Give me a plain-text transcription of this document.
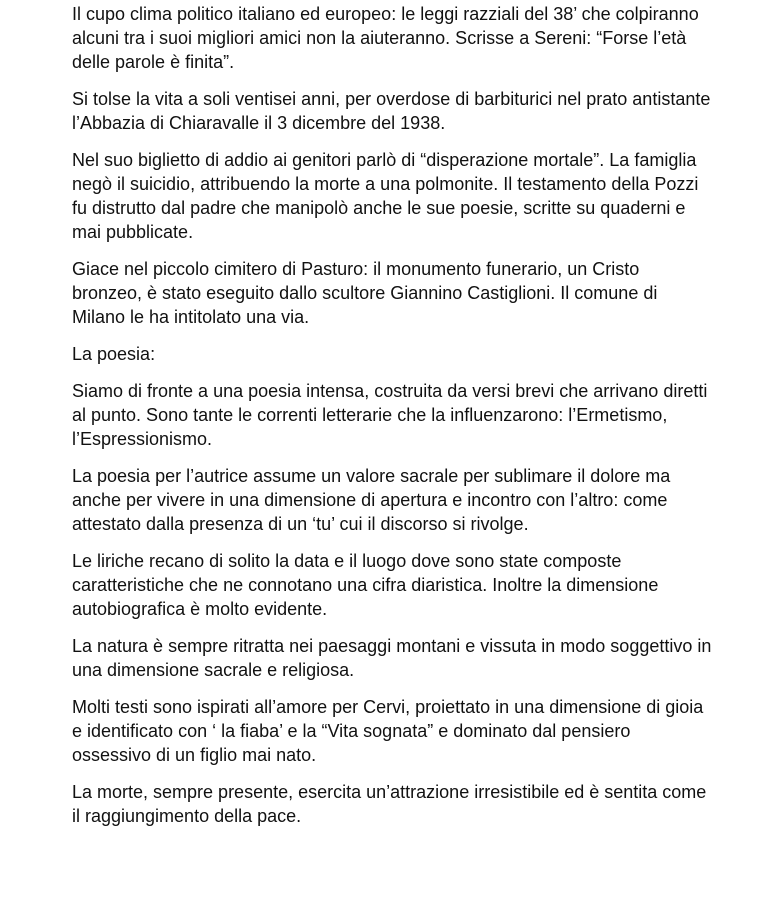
Il cupo clima politico italiano ed europeo: le leggi razziali del 38’ che colpiranno alcuni tra i suoi migliori amici non la aiuteranno. Scrisse a Sereni: “Forse l’età delle parole è finita”.

Si tolse la vita a soli ventisei anni, per overdose di barbiturici nel prato antistante l’Abbazia di Chiaravalle il 3 dicembre del 1938.

Nel suo biglietto di addio ai genitori parlò di “disperazione mortale”. La famiglia negò il suicidio, attribuendo la morte a una polmonite. Il testamento della Pozzi fu distrutto dal padre che manipolò anche le sue poesie, scritte su quaderni e mai pubblicate.

Giace nel piccolo cimitero di Pasturo: il monumento funerario, un Cristo bronzeo, è stato eseguito dallo scultore Giannino Castiglioni. Il comune di Milano le ha intitolato una via.

La poesia:

Siamo di fronte a una poesia intensa, costruita da versi brevi che arrivano diretti al punto. Sono tante le correnti letterarie che la influenzarono: l’Ermetismo, l’Espressionismo.

La poesia per l’autrice assume un valore sacrale per sublimare il dolore ma anche per vivere in una dimensione di apertura e incontro con l’altro: come attestato dalla presenza di un ‘tu’ cui il discorso si rivolge.

Le liriche recano di solito la data e il luogo dove sono state composte caratteristiche che ne connotano una cifra diaristica. Inoltre la dimensione autobiografica è molto evidente.

La natura è sempre ritratta nei paesaggi montani e vissuta in modo soggettivo in una dimensione sacrale e religiosa.

Molti testi sono ispirati all’amore per Cervi, proiettato in una dimensione di gioia e identificato con ‘ la fiaba’ e la “Vita sognata” e dominato dal pensiero ossessivo di un figlio mai nato.

La morte, sempre presente, esercita un’attrazione irresistibile ed è sentita come il raggiungimento della pace.
